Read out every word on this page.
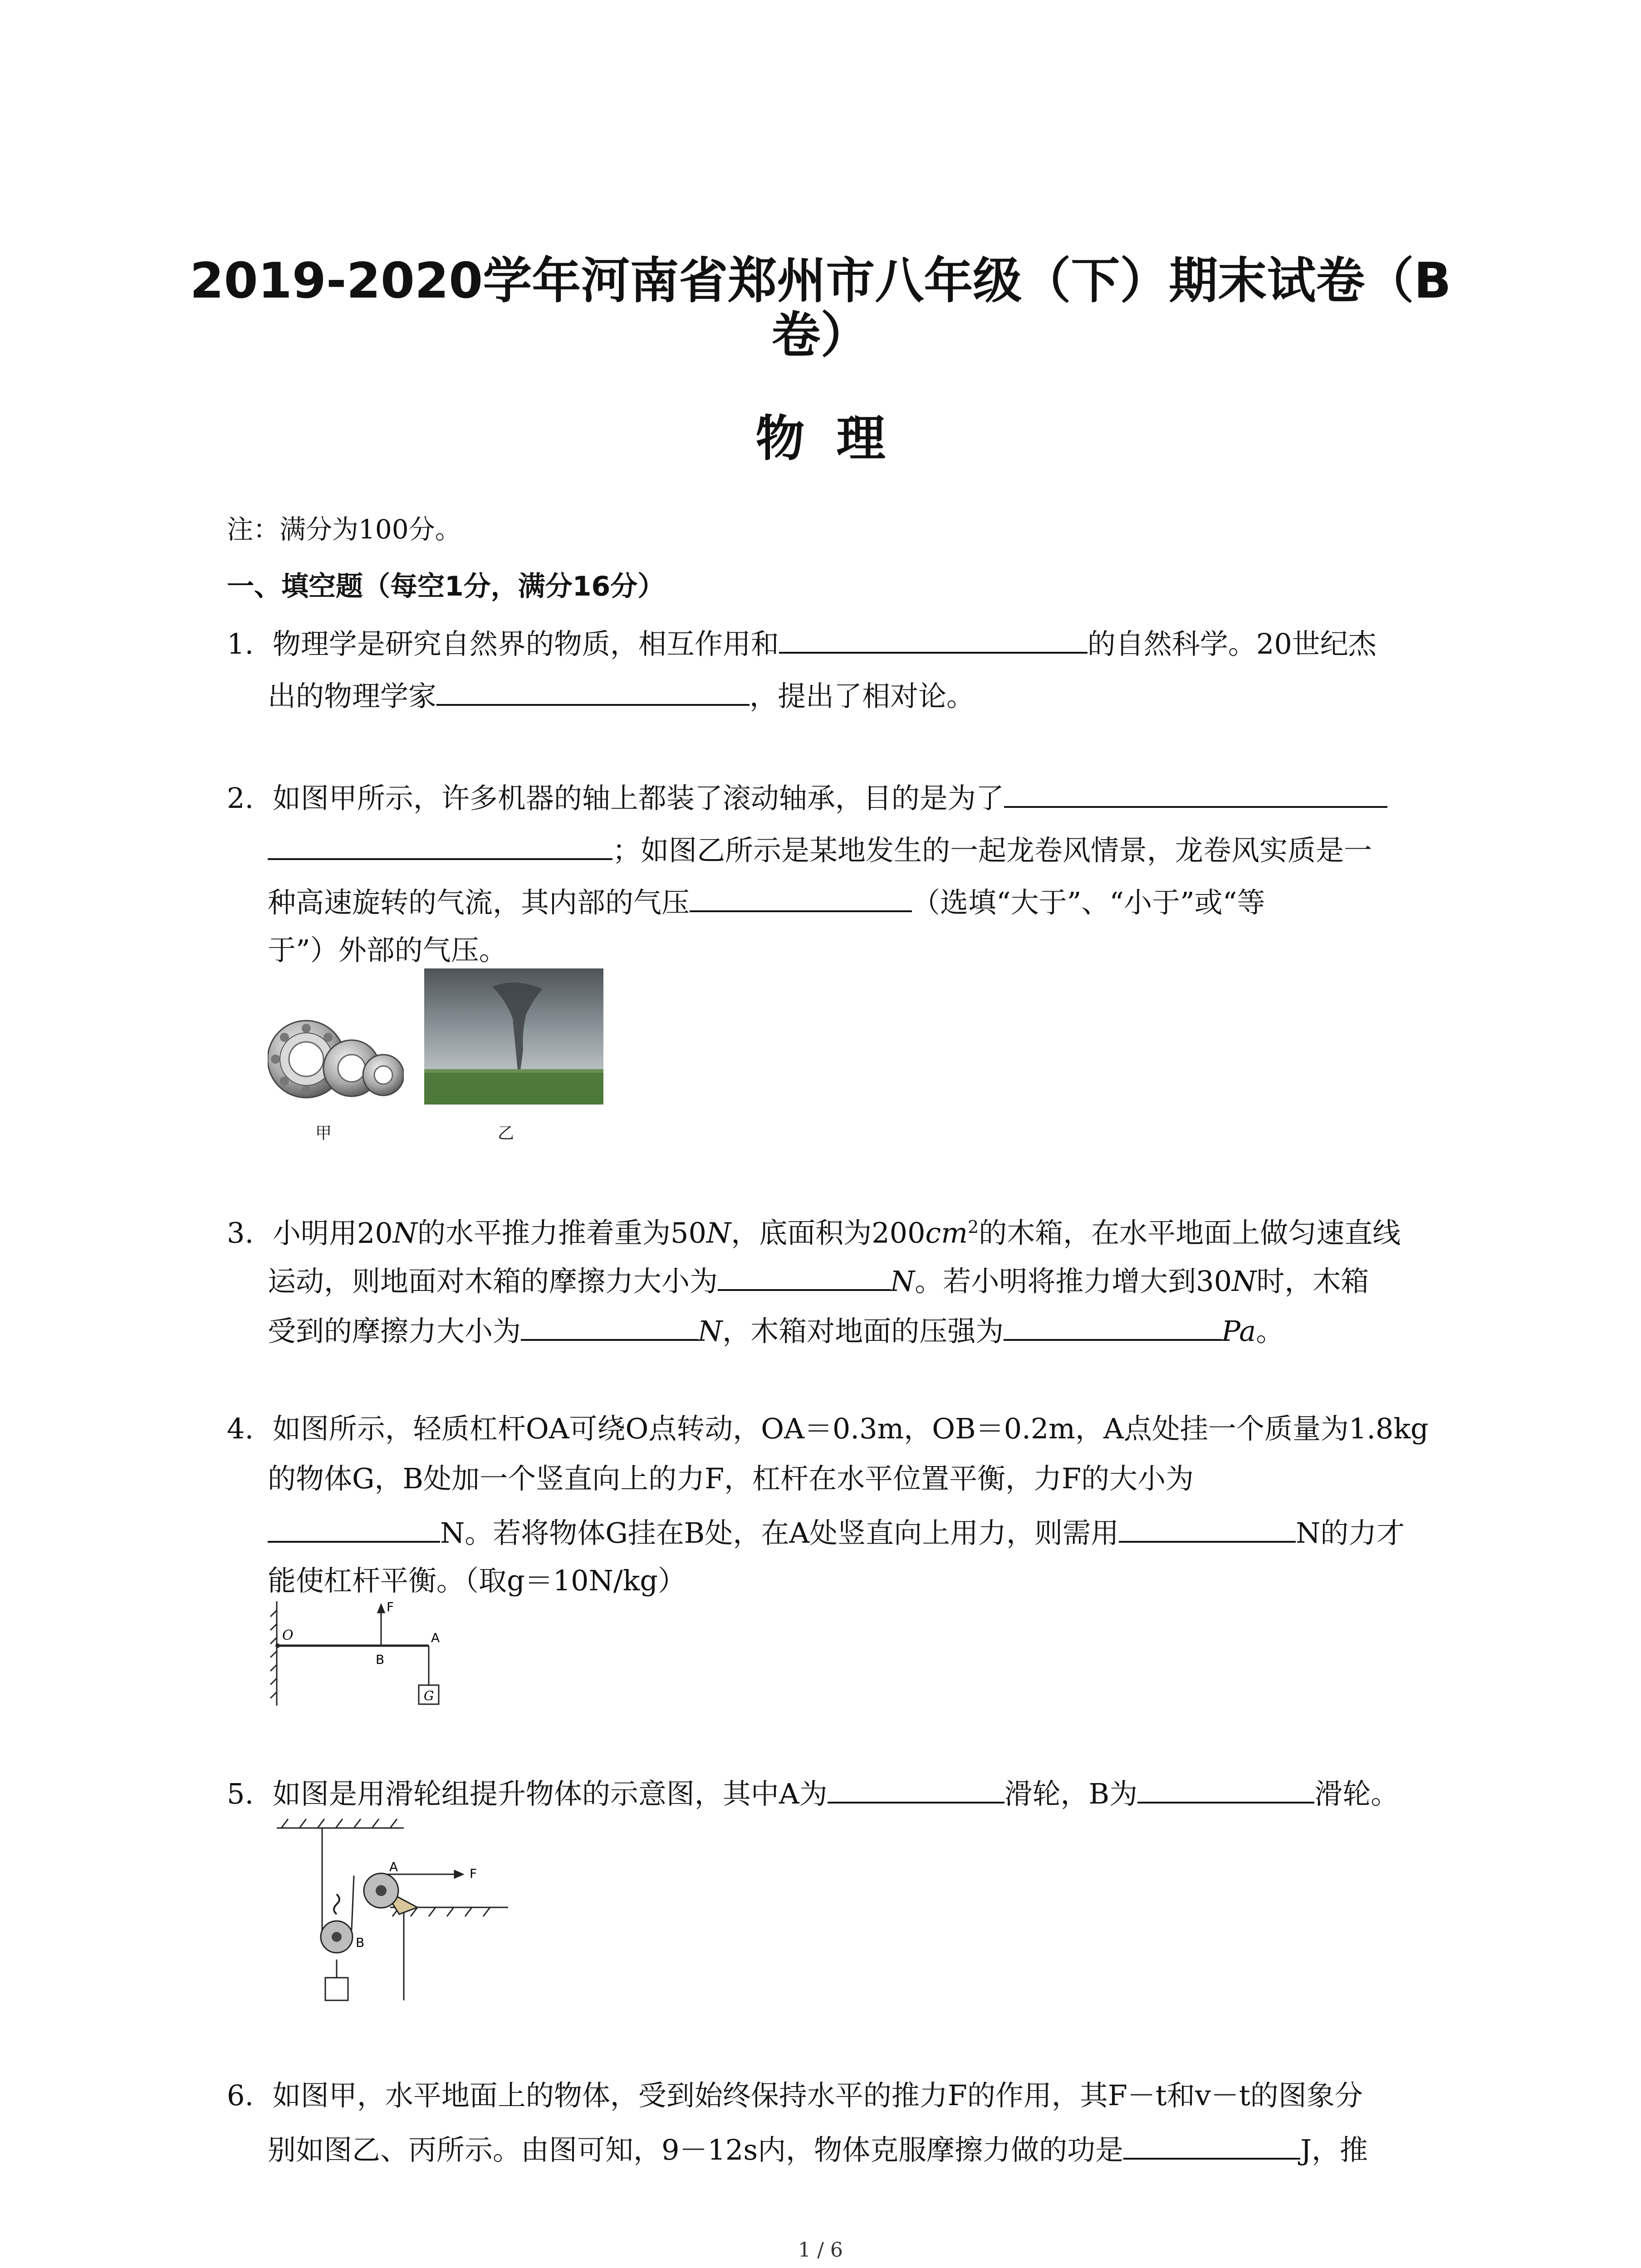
2019-2020学年河南省郑州市八年级（下）期末试卷（B
卷）
物理
注：满分为100分。
一、填空题（每空1分，满分16分）
1. 物理学是研究自然界的物质，相互作用和	的自然科学。20世纪杰
出的物理学家	，提出了相对论。
2. 如图甲所示，许多机器的轴上都装了滚动轴承，目的是为了
；如图乙所示是某地发生的一起龙卷风情景，龙卷风实质是一
种高速旋转的气流，其内部的气压	（选填“大于”、“小于”或“等
于”）外部的气压。
甲	乙
3. 小明用20N的水平推力推着重为50N，底面积为$200cm^2$的木箱，在水平地面上做匀速直线
运动，则地面对木箱的摩擦力大小为	N。若小明将推力增大到30N时，木箱
受到的摩擦力大小为	N，木箱对地面的压强为	Pa。
4. 如图所示，轻质杠杆OA可绕O点转动，OA＝0.3m，OB＝0.2m，A点处挂一个质量为1.8kg
的物体G，B处加一个竖直向上的力F，杠杆在水平位置平衡，力F的大小为
N。若将物体G挂在B处，在A处竖直向上用力，则需用	N的力才
能使杠杆平衡。（取g＝10N/kg）
O
F
B
A
G
5. 如图是用滑轮组提升物体的示意图，其中A为	滑轮，B为	滑轮。
A	F
B
6. 如图甲，水平地面上的物体，受到始终保持水平的推力F的作用，其F－t和v－t的图象分
别如图乙、丙所示。由图可知，9－12s内，物体克服摩擦力做的功是	J，推
1 / 6
